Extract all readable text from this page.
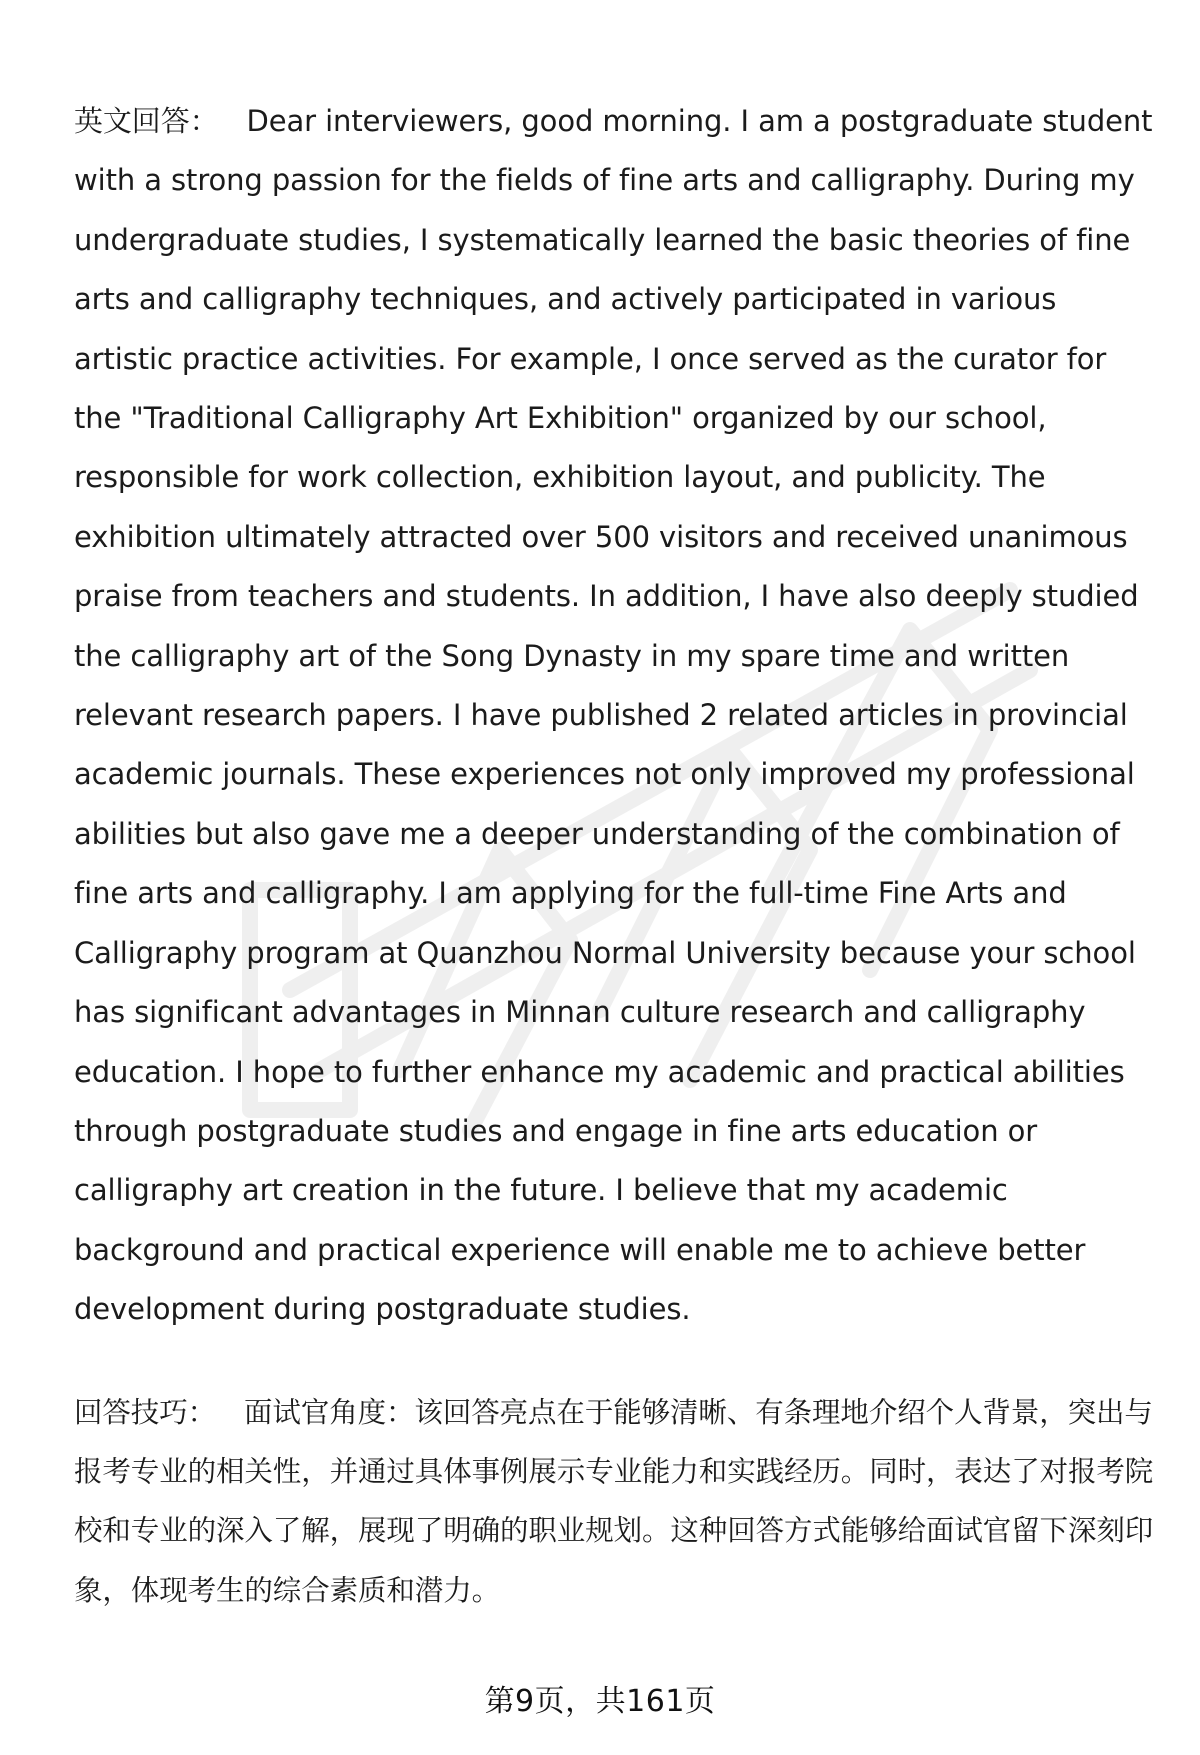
英文回答： Dear interviewers, good morning. I am a postgraduate student with a strong passion for the fields of fine arts and calligraphy. During my undergraduate studies, I systematically learned the basic theories of fine arts and calligraphy techniques, and actively participated in various artistic practice activities. For example, I once served as the curator for the "Traditional Calligraphy Art Exhibition" organized by our school, responsible for work collection, exhibition layout, and publicity. The exhibition ultimately attracted over 500 visitors and received unanimous praise from teachers and students. In addition, I have also deeply studied the calligraphy art of the Song Dynasty in my spare time and written relevant research papers. I have published 2 related articles in provincial academic journals. These experiences not only improved my professional abilities but also gave me a deeper understanding of the combination of fine arts and calligraphy. I am applying for the full-time Fine Arts and Calligraphy program at Quanzhou Normal University because your school has significant advantages in Minnan culture research and calligraphy education. I hope to further enhance my academic and practical abilities through postgraduate studies and engage in fine arts education or calligraphy art creation in the future. I believe that my academic background and practical experience will enable me to achieve better development during postgraduate studies.

回答技巧： 面试官角度：该回答亮点在于能够清晰、有条理地介绍个人背景，突出与报考专业的相关性，并通过具体事例展示专业能力和实践经历。同时，表达了对报考院校和专业的深入了解，展现了明确的职业规划。这种回答方式能够给面试官留下深刻印象，体现考生的综合素质和潜力。

第9页，共161页
